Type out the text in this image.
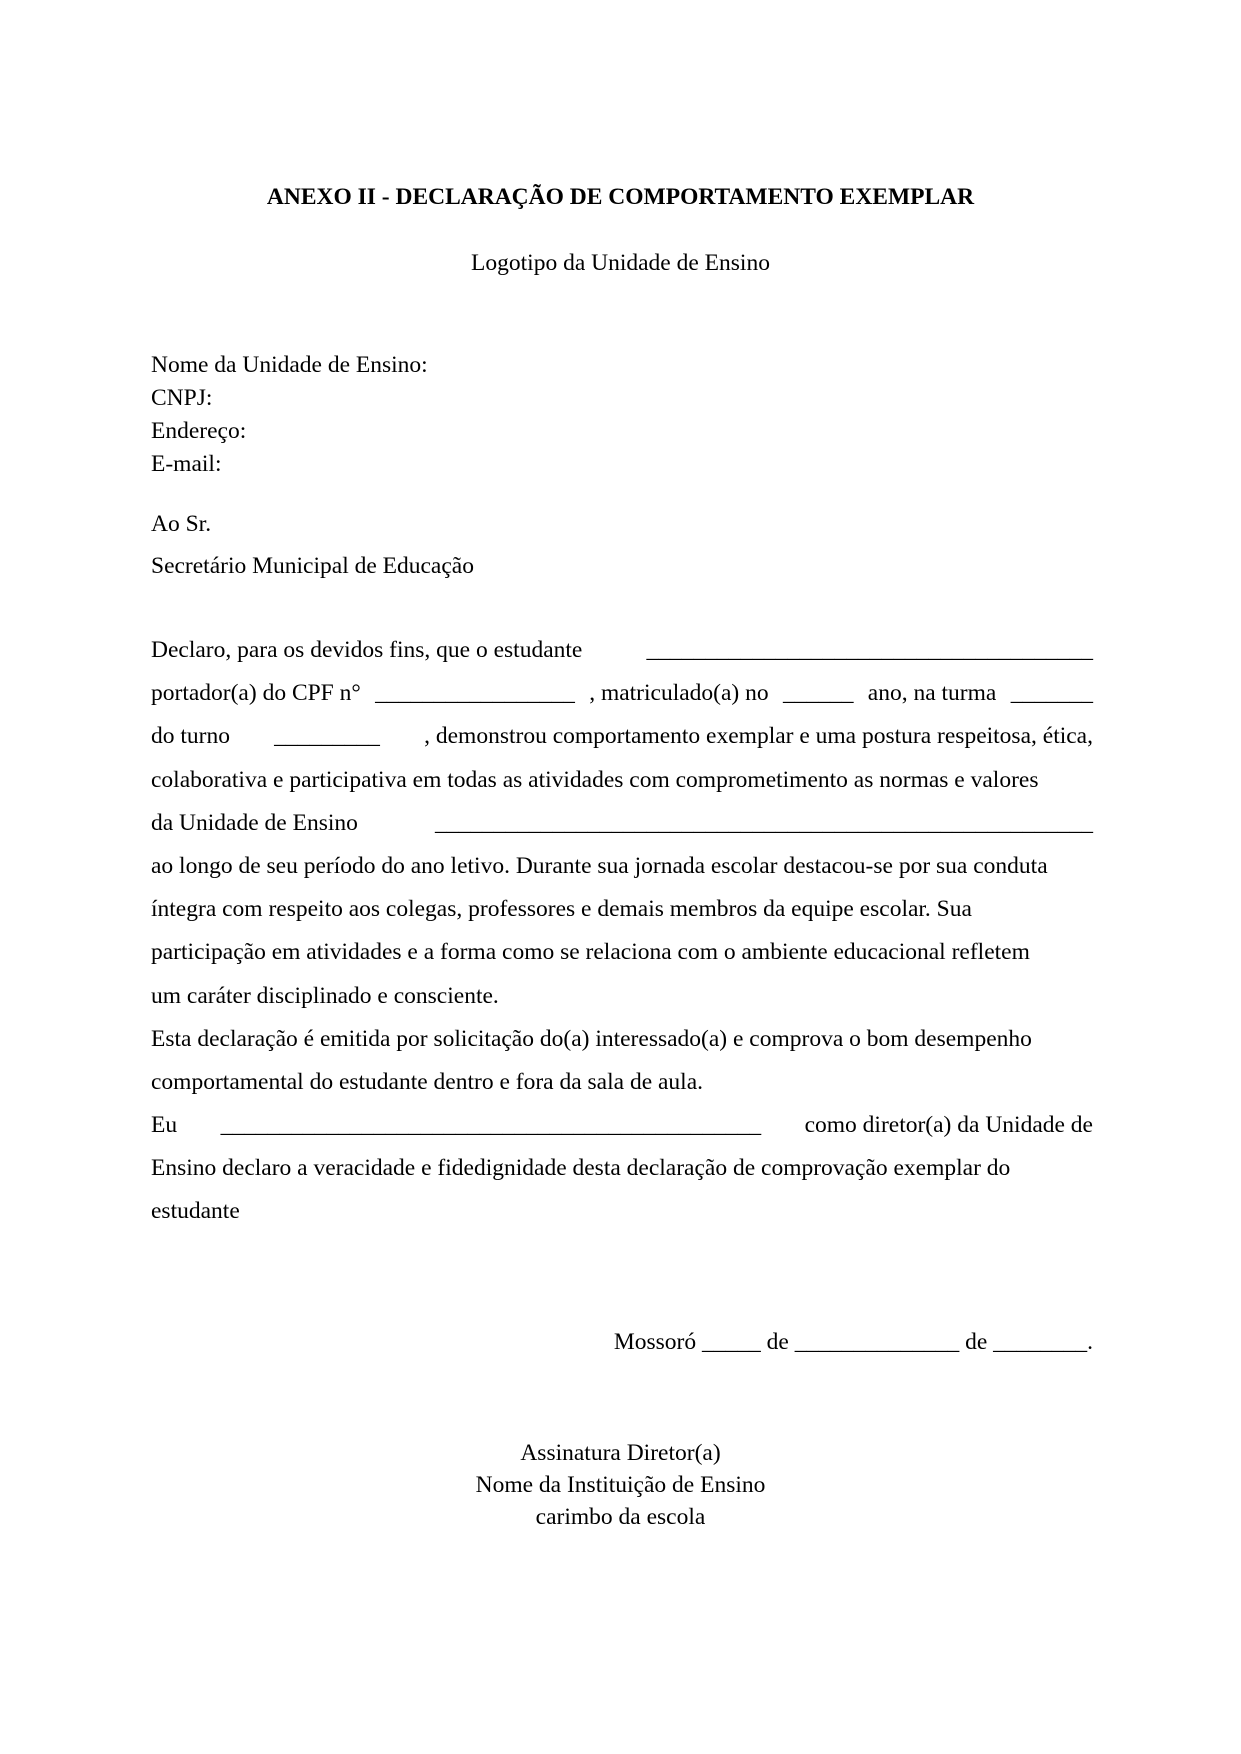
ANEXO II - DECLARAÇÃO DE COMPORTAMENTO EXEMPLAR
Logotipo da Unidade de Ensino
Nome da Unidade de Ensino:
CNPJ:
Endereço:
E-mail:
Ao Sr.
Secretário Municipal de Educação
Declaro, para os devidos fins, que o estudante	______________________________________
portador(a) do CPF n° _________________ , matriculado(a) no ______ ano, na turma _______
do turno _________ , demonstrou comportamento exemplar e uma postura respeitosa, ética,
colaborativa e participativa em todas as atividades com comprometimento as normas e valores
da Unidade de Ensino	________________________________________________________
ao longo de seu período do ano letivo. Durante sua jornada escolar destacou-se por sua conduta
íntegra com respeito aos colegas, professores e demais membros da equipe escolar. Sua
participação em atividades e a forma como se relaciona com o ambiente educacional refletem
um caráter disciplinado e consciente.
Esta declaração é emitida por solicitação do(a) interessado(a) e comprova o bom desempenho
comportamental do estudante dentro e fora da sala de aula.
Eu ______________________________________________ como diretor(a) da Unidade de
Ensino declaro a veracidade e fidedignidade desta declaração de comprovação exemplar do
estudante
Mossoró _____ de ______________ de ________.
Assinatura Diretor(a)
Nome da Instituição de Ensino
carimbo da escola
